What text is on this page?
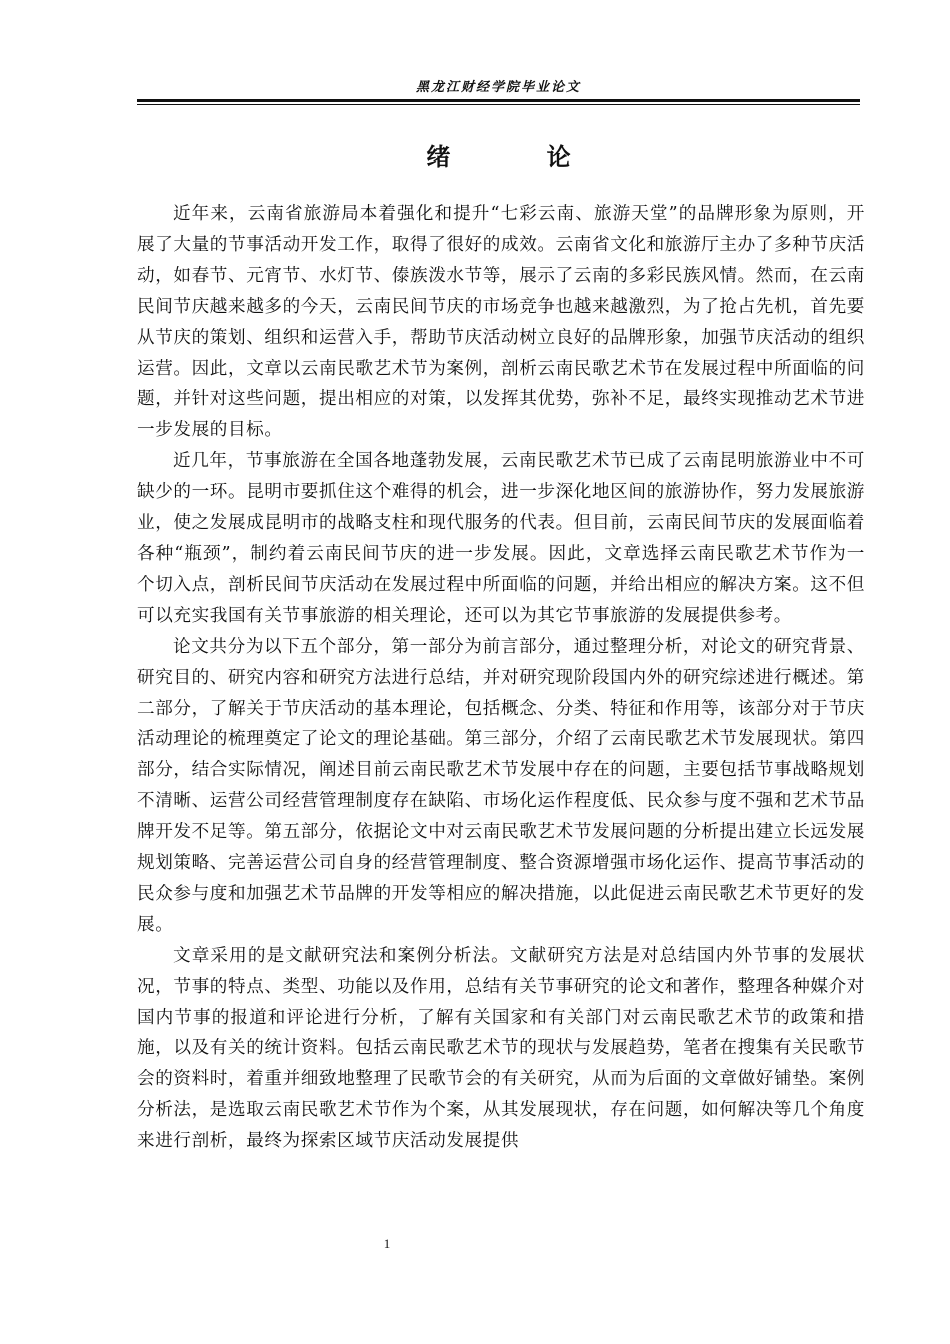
黑龙江财经学院毕业论文
绪 论

近年来，云南省旅游局本着强化和提升“七彩云南、旅游天堂”的品牌形象为原则，开展了大量的节事活动开发工作，取得了很好的成效。云南省文化和旅游厅主办了多种节庆活动，如春节、元宵节、水灯节、傣族泼水节等，展示了云南的多彩民族风情。然而，在云南民间节庆越来越多的今天，云南民间节庆的市场竞争也越来越激烈，为了抢占先机，首先要从节庆的策划、组织和运营入手，帮助节庆活动树立良好的品牌形象，加强节庆活动的组织运营。因此，文章以云南民歌艺术节为案例，剖析云南民歌艺术节在发展过程中所面临的问题，并针对这些问题，提出相应的对策，以发挥其优势，弥补不足，最终实现推动艺术节进一步发展的目标。

近几年，节事旅游在全国各地蓬勃发展，云南民歌艺术节已成了云南昆明旅游业中不可缺少的一环。昆明市要抓住这个难得的机会，进一步深化地区间的旅游协作，努力发展旅游业，使之发展成昆明市的战略支柱和现代服务的代表。但目前，云南民间节庆的发展面临着各种“瓶颈”，制约着云南民间节庆的进一步发展。因此，文章选择云南民歌艺术节作为一个切入点，剖析民间节庆活动在发展过程中所面临的问题，并给出相应的解决方案。这不但可以充实我国有关节事旅游的相关理论，还可以为其它节事旅游的发展提供参考。

论文共分为以下五个部分，第一部分为前言部分，通过整理分析，对论文的研究背景、研究目的、研究内容和研究方法进行总结，并对研究现阶段国内外的研究综述进行概述。第二部分，了解关于节庆活动的基本理论，包括概念、分类、特征和作用等，该部分对于节庆活动理论的梳理奠定了论文的理论基础。第三部分，介绍了云南民歌艺术节发展现状。第四部分，结合实际情况，阐述目前云南民歌艺术节发展中存在的问题，主要包括节事战略规划不清晰、运营公司经营管理制度存在缺陷、市场化运作程度低、民众参与度不强和艺术节品牌开发不足等。第五部分，依据论文中对云南民歌艺术节发展问题的分析提出建立长远发展规划策略、完善运营公司自身的经营管理制度、整合资源增强市场化运作、提高节事活动的民众参与度和加强艺术节品牌的开发等相应的解决措施，以此促进云南民歌艺术节更好的发展。

文章采用的是文献研究法和案例分析法。文献研究方法是对总结国内外节事的发展状况，节事的特点、类型、功能以及作用，总结有关节事研究的论文和著作，整理各种媒介对国内节事的报道和评论进行分析，了解有关国家和有关部门对云南民歌艺术节的政策和措施，以及有关的统计资料。包括云南民歌艺术节的现状与发展趋势，笔者在搜集有关民歌节会的资料时，着重并细致地整理了民歌节会的有关研究，从而为后面的文章做好铺垫。案例分析法，是选取云南民歌艺术节作为个案，从其发展现状，存在问题，如何解决等几个角度来进行剖析，最终为探索区域节庆活动发展提供

1
